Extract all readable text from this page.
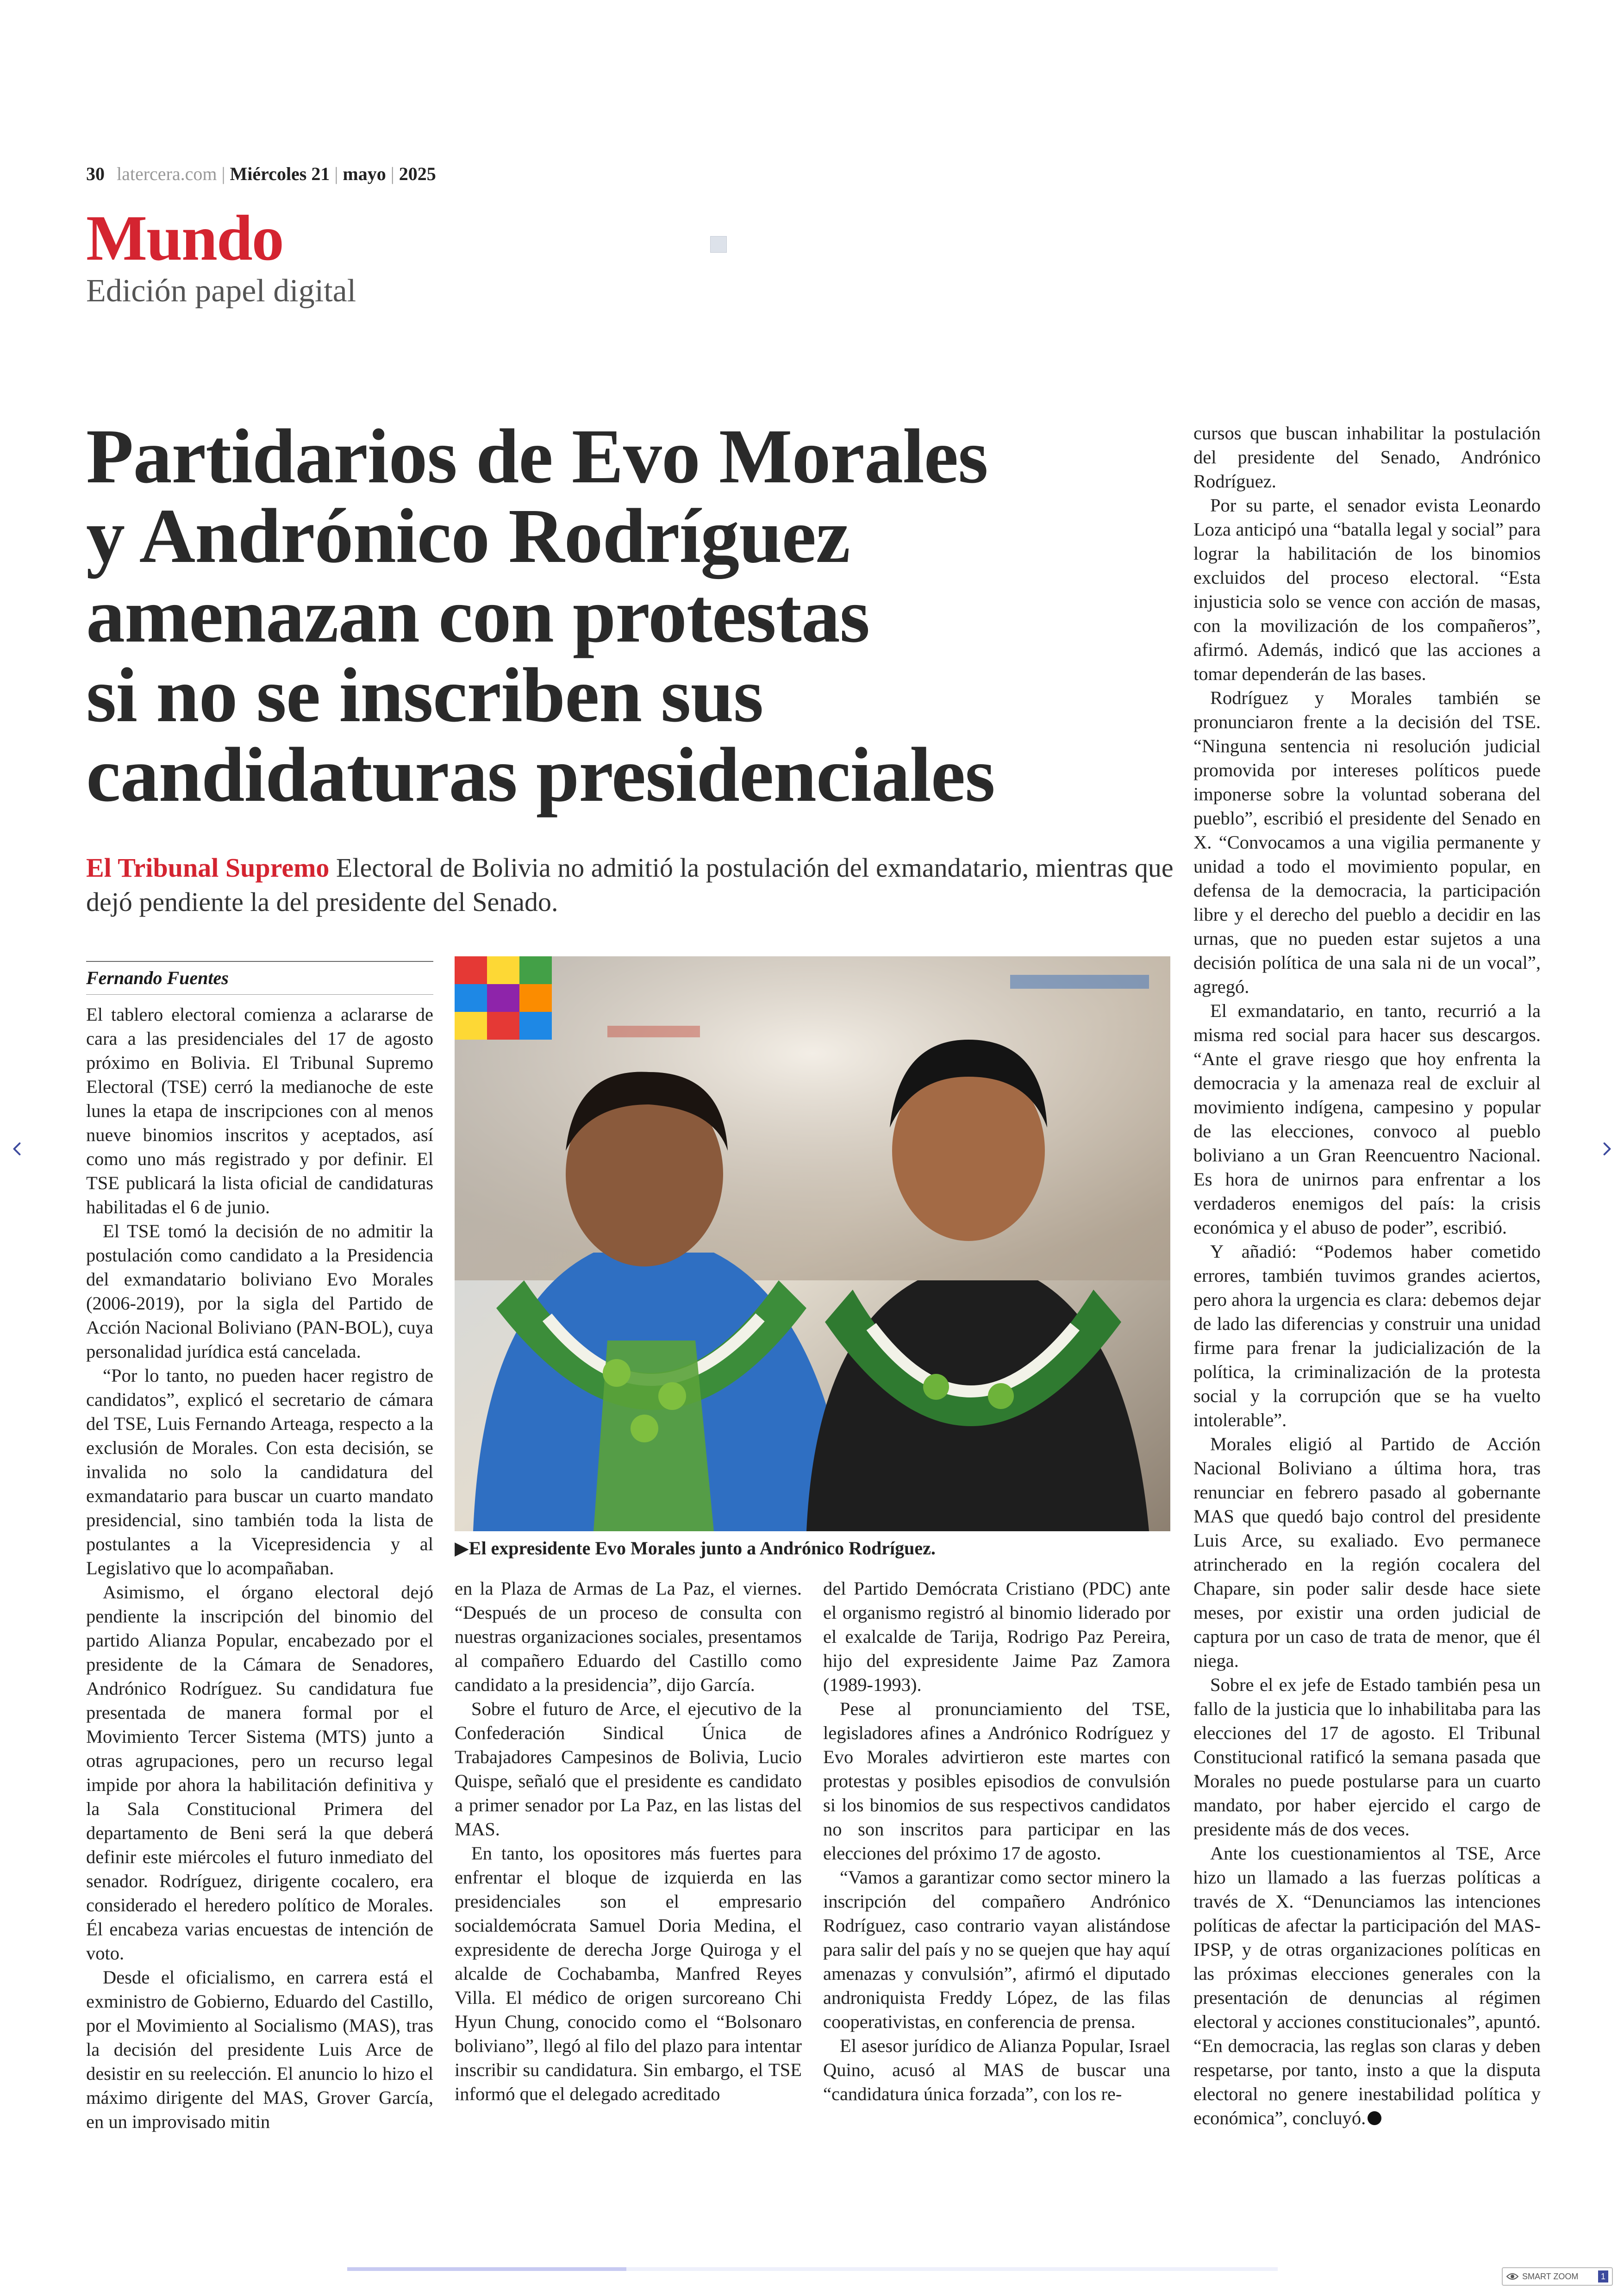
30 latercera.com | Miércoles 21 | mayo | 2025
Mundo
Edición papel digital
Partidarios de Evo Morales
y Andrónico Rodríguez
amenazan con protestas
si no se inscriben sus
candidaturas presidenciales
El Tribunal Supremo Electoral de Bolivia no admitió la postulación del exmandatario, mientras que dejó pendiente la del presidente del Senado.
Fernando Fuentes

El tablero electoral comienza a aclararse de cara a las presidenciales del 17 de agosto próximo en Bolivia. El Tribunal Supremo Electoral (TSE) cerró la medianoche de este lunes la etapa de inscripciones con al menos nueve binomios inscritos y aceptados, así como uno más registrado y por definir. El TSE publicará la lista oficial de candidaturas habilitadas el 6 de junio.

El TSE tomó la decisión de no admitir la postulación como candidato a la Presidencia del exmandatario boliviano Evo Morales (2006-2019), por la sigla del Partido de Acción Nacional Boliviano (PAN-BOL), cuya personalidad jurídica está cancelada.

“Por lo tanto, no pueden hacer registro de candidatos”, explicó el secretario de cámara del TSE, Luis Fernando Arteaga, respecto a la exclusión de Morales. Con esta decisión, se invalida no solo la candidatura del exmandatario para buscar un cuarto mandato presidencial, sino también toda la lista de postulantes a la Vicepresidencia y al Legislativo que lo acompañaban.

Asimismo, el órgano electoral dejó pendiente la inscripción del binomio del partido Alianza Popular, encabezado por el presidente de la Cámara de Senadores, Andrónico Rodríguez. Su candidatura fue presentada de manera formal por el Movimiento Tercer Sistema (MTS) junto a otras agrupaciones, pero un recurso legal impide por ahora la habilitación definitiva y la Sala Constitucional Primera del departamento de Beni será la que deberá definir este miércoles el futuro inmediato del senador. Rodríguez, dirigente cocalero, era considerado el heredero político de Morales. Él encabeza varias encuestas de intención de voto.

Desde el oficialismo, en carrera está el exministro de Gobierno, Eduardo del Castillo, por el Movimiento al Socialismo (MAS), tras la decisión del presidente Luis Arce de desistir en su reelección. El anuncio lo hizo el máximo dirigente del MAS, Grover García, en un improvisado mitin

▶El expresidente Evo Morales junto a Andrónico Rodríguez.

en la Plaza de Armas de La Paz, el viernes. “Después de un proceso de consulta con nuestras organizaciones sociales, presentamos al compañero Eduardo del Castillo como candidato a la presidencia”, dijo García.

Sobre el futuro de Arce, el ejecutivo de la Confederación Sindical Única de Trabajadores Campesinos de Bolivia, Lucio Quispe, señaló que el presidente es candidato a primer senador por La Paz, en las listas del MAS.

En tanto, los opositores más fuertes para enfrentar el bloque de izquierda en las presidenciales son el empresario socialdemócrata Samuel Doria Medina, el expresidente de derecha Jorge Quiroga y el alcalde de Cochabamba, Manfred Reyes Villa. El médico de origen surcoreano Chi Hyun Chung, conocido como el “Bolsonaro boliviano”, llegó al filo del plazo para intentar inscribir su candidatura. Sin embargo, el TSE informó que el delegado acreditado

del Partido Demócrata Cristiano (PDC) ante el organismo registró al binomio liderado por el exalcalde de Tarija, Rodrigo Paz Pereira, hijo del expresidente Jaime Paz Zamora (1989-1993).

Pese al pronunciamiento del TSE, legisladores afines a Andrónico Rodríguez y Evo Morales advirtieron este martes con protestas y posibles episodios de convulsión si los binomios de sus respectivos candidatos no son inscritos para participar en las elecciones del próximo 17 de agosto.

“Vamos a garantizar como sector minero la inscripción del compañero Andrónico Rodríguez, caso contrario vayan alistándose para salir del país y no se quejen que hay aquí amenazas y convulsión”, afirmó el diputado androniquista Freddy López, de las filas cooperativistas, en conferencia de prensa.

El asesor jurídico de Alianza Popular, Israel Quino, acusó al MAS de buscar una “candidatura única forzada”, con los re-

cursos que buscan inhabilitar la postulación del presidente del Senado, Andrónico Rodríguez.

Por su parte, el senador evista Leonardo Loza anticipó una “batalla legal y social” para lograr la habilitación de los binomios excluidos del proceso electoral. “Esta injusticia solo se vence con acción de masas, con la movilización de los compañeros”, afirmó. Además, indicó que las acciones a tomar dependerán de las bases.

Rodríguez y Morales también se pronunciaron frente a la decisión del TSE. “Ninguna sentencia ni resolución judicial promovida por intereses políticos puede imponerse sobre la voluntad soberana del pueblo”, escribió el presidente del Senado en X. “Convocamos a una vigilia permanente y unidad a todo el movimiento popular, en defensa de la democracia, la participación libre y el derecho del pueblo a decidir en las urnas, que no pueden estar sujetos a una decisión política de una sala ni de un vocal”, agregó.

El exmandatario, en tanto, recurrió a la misma red social para hacer sus descargos. “Ante el grave riesgo que hoy enfrenta la democracia y la amenaza real de excluir al movimiento indígena, campesino y popular de las elecciones, convoco al pueblo boliviano a un Gran Reencuentro Nacional. Es hora de unirnos para enfrentar a los verdaderos enemigos del país: la crisis económica y el abuso de poder”, escribió.

Y añadió: “Podemos haber cometido errores, también tuvimos grandes aciertos, pero ahora la urgencia es clara: debemos dejar de lado las diferencias y construir una unidad firme para frenar la judicialización de la política, la criminalización de la protesta social y la corrupción que se ha vuelto intolerable”.

Morales eligió al Partido de Acción Nacional Boliviano a última hora, tras renunciar en febrero pasado al gobernante MAS que quedó bajo control del presidente Luis Arce, su exaliado. Evo permanece atrincherado en la región cocalera del Chapare, sin poder salir desde hace siete meses, por existir una orden judicial de captura por un caso de trata de menor, que él niega.

Sobre el ex jefe de Estado también pesa un fallo de la justicia que lo inhabilitaba para las elecciones del 17 de agosto. El Tribunal Constitucional ratificó la semana pasada que Morales no puede postularse para un cuarto mandato, por haber ejercido el cargo de presidente más de dos veces.

Ante los cuestionamientos al TSE, Arce hizo un llamado a las fuerzas políticas a través de X. “Denunciamos las intenciones políticas de afectar la participación del MAS-IPSP, y de otras organizaciones políticas en las próximas elecciones generales con la presentación de denuncias al régimen electoral y acciones constitucionales”, apuntó. “En democracia, las reglas son claras y deben respetarse, por tanto, insto a que la disputa electoral no genere inestabilidad política y económica”, concluyó.

SMART ZOOM	1
